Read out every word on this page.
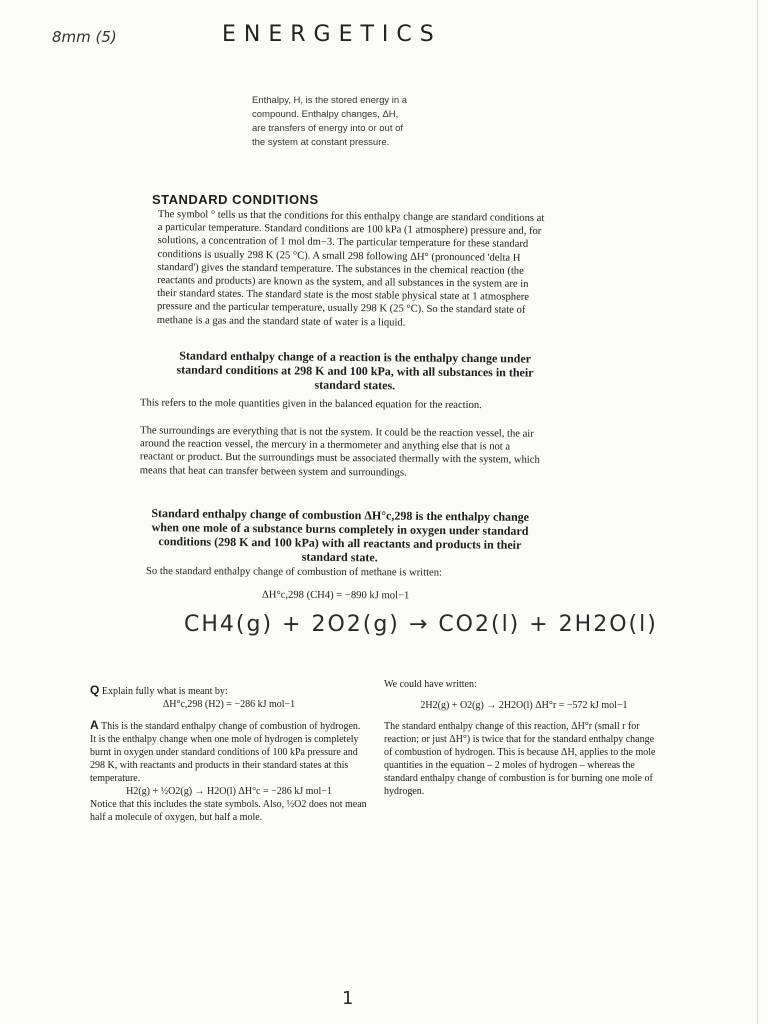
8mm (5)	ENERGETICS
Enthalpy, H, is the stored energy in a compound. Enthalpy changes, ΔH, are transfers of energy into or out of the system at constant pressure.
STANDARD CONDITIONS
The symbol ° tells us that the conditions for this enthalpy change are standard conditions at a particular temperature. Standard conditions are 100 kPa (1 atmosphere) pressure and, for solutions, a concentration of 1 mol dm−3. The particular temperature for these standard conditions is usually 298 K (25 °C). A small 298 following ΔH° (pronounced 'delta H standard') gives the standard temperature. The substances in the chemical reaction (the reactants and products) are known as the system, and all substances in the system are in their standard states. The standard state is the most stable physical state at 1 atmosphere pressure and the particular temperature, usually 298 K (25 °C). So the standard state of methane is a gas and the standard state of water is a liquid.
Standard enthalpy change of a reaction is the enthalpy change under standard conditions at 298 K and 100 kPa, with all substances in their standard states.
This refers to the mole quantities given in the balanced equation for the reaction.
The surroundings are everything that is not the system. It could be the reaction vessel, the air around the reaction vessel, the mercury in a thermometer and anything else that is not a reactant or product. But the surroundings must be associated thermally with the system, which means that heat can transfer between system and surroundings.
Standard enthalpy change of combustion ΔH°c,298 is the enthalpy change when one mole of a substance burns completely in oxygen under standard conditions (298 K and 100 kPa) with all reactants and products in their standard state.
So the standard enthalpy change of combustion of methane is written:
ΔH°c,298 (CH4) = −890 kJ mol−1
CH4(g) + 2O2(g) → CO2(l) + 2H2O(l)
Q Explain fully what is meant by:
ΔH°c,298 (H2) = −286 kJ mol−1
A This is the standard enthalpy change of combustion of hydrogen. It is the enthalpy change when one mole of hydrogen is completely burnt in oxygen under standard conditions of 100 kPa pressure and 298 K, with reactants and products in their standard states at this temperature.
H2(g) + ½O2(g) → H2O(l) ΔH°c = −286 kJ mol−1
Notice that this includes the state symbols. Also, ½O2 does not mean half a molecule of oxygen, but half a mole.
We could have written:
2H2(g) + O2(g) → 2H2O(l) ΔH°r = −572 kJ mol−1
The standard enthalpy change of this reaction, ΔH°r (small r for reaction; or just ΔH°) is twice that for the standard enthalpy change of combustion of hydrogen. This is because ΔH, applies to the mole quantities in the equation – 2 moles of hydrogen – whereas the standard enthalpy change of combustion is for burning one mole of hydrogen.
1
